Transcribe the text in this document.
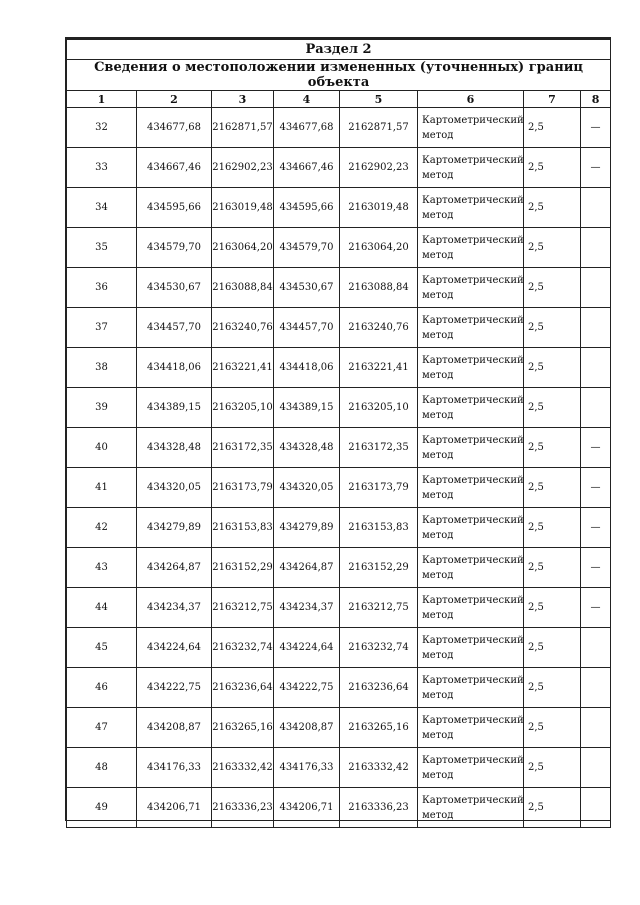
Раздел 2							
Сведения о местоположении измененных (уточненных) границ объекта							
1	2	3	4	5	6	7	8
32	434677,68	2162871,57	434677,68	2162871,57	Картометрический метод	2,5	—
33	434667,46	2162902,23	434667,46	2162902,23	Картометрический метод	2,5	—
34	434595,66	2163019,48	434595,66	2163019,48	Картометрический метод	2,5	
35	434579,70	2163064,20	434579,70	2163064,20	Картометрический метод	2,5	
36	434530,67	2163088,84	434530,67	2163088,84	Картометрический метод	2,5	
37	434457,70	2163240,76	434457,70	2163240,76	Картометрический метод	2,5	
38	434418,06	2163221,41	434418,06	2163221,41	Картометрический метод	2,5	
39	434389,15	2163205,10	434389,15	2163205,10	Картометрический метод	2,5	
40	434328,48	2163172,35	434328,48	2163172,35	Картометрический метод	2,5	—
41	434320,05	2163173,79	434320,05	2163173,79	Картометрический метод	2,5	—
42	434279,89	2163153,83	434279,89	2163153,83	Картометрический метод	2,5	—
43	434264,87	2163152,29	434264,87	2163152,29	Картометрический метод	2,5	—
44	434234,37	2163212,75	434234,37	2163212,75	Картометрический метод	2,5	—
45	434224,64	2163232,74	434224,64	2163232,74	Картометрический метод	2,5	
46	434222,75	2163236,64	434222,75	2163236,64	Картометрический метод	2,5	
47	434208,87	2163265,16	434208,87	2163265,16	Картометрический метод	2,5	
48	434176,33	2163332,42	434176,33	2163332,42	Картометрический метод	2,5	
49	434206,71	2163336,23	434206,71	2163336,23	Картометрический метод	2,5	
